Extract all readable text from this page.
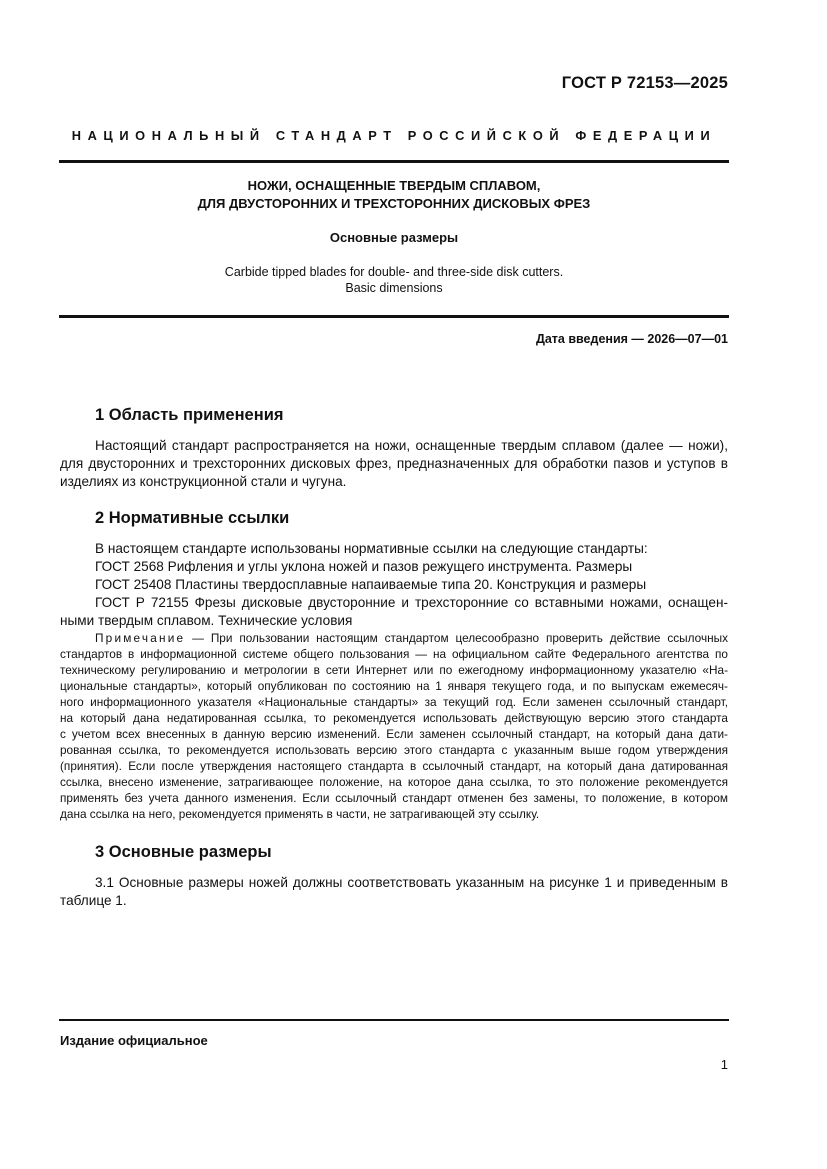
ГОСТ Р 72153—2025
НАЦИОНАЛЬНЫЙ СТАНДАРТ РОССИЙСКОЙ ФЕДЕРАЦИИ
НОЖИ, ОСНАЩЕННЫЕ ТВЕРДЫМ СПЛАВОМ,
ДЛЯ ДВУСТОРОННИХ И ТРЕХСТОРОННИХ ДИСКОВЫХ ФРЕЗ
Основные размеры
Carbide tipped blades for double- and three-side disk cutters.
Basic dimensions
Дата введения — 2026—07—01
1 Область применения
Настоящий стандарт распространяется на ножи, оснащенные твердым сплавом (далее — ножи),
для двусторонних и трехсторонних дисковых фрез, предназначенных для обработки пазов и уступов в
изделиях из конструкционной стали и чугуна.
2 Нормативные ссылки
В настоящем стандарте использованы нормативные ссылки на следующие стандарты:
ГОСТ 2568 Рифления и углы уклона ножей и пазов режущего инструмента. Размеры
ГОСТ 25408 Пластины твердосплавные напаиваемые типа 20. Конструкция и размеры
ГОСТ Р 72155 Фрезы дисковые двусторонние и трехсторонние со вставными ножами, оснащен-
ными твердым сплавом. Технические условия
Примечание — При пользовании настоящим стандартом целесообразно проверить действие ссылочных
стандартов в информационной системе общего пользования — на официальном сайте Федерального агентства по
техническому регулированию и метрологии в сети Интернет или по ежегодному информационному указателю «На-
циональные стандарты», который опубликован по состоянию на 1 января текущего года, и по выпускам ежемесяч-
ного информационного указателя «Национальные стандарты» за текущий год. Если заменен ссылочный стандарт,
на который дана недатированная ссылка, то рекомендуется использовать действующую версию этого стандарта
с учетом всех внесенных в данную версию изменений. Если заменен ссылочный стандарт, на который дана дати-
рованная ссылка, то рекомендуется использовать версию этого стандарта с указанным выше годом утверждения
(принятия). Если после утверждения настоящего стандарта в ссылочный стандарт, на который дана датированная
ссылка, внесено изменение, затрагивающее положение, на которое дана ссылка, то это положение рекомендуется
применять без учета данного изменения. Если ссылочный стандарт отменен без замены, то положение, в котором
дана ссылка на него, рекомендуется применять в части, не затрагивающей эту ссылку.
3 Основные размеры
3.1 Основные размеры ножей должны соответствовать указанным на рисунке 1 и приведенным в
таблице 1.
Издание официальное
1
